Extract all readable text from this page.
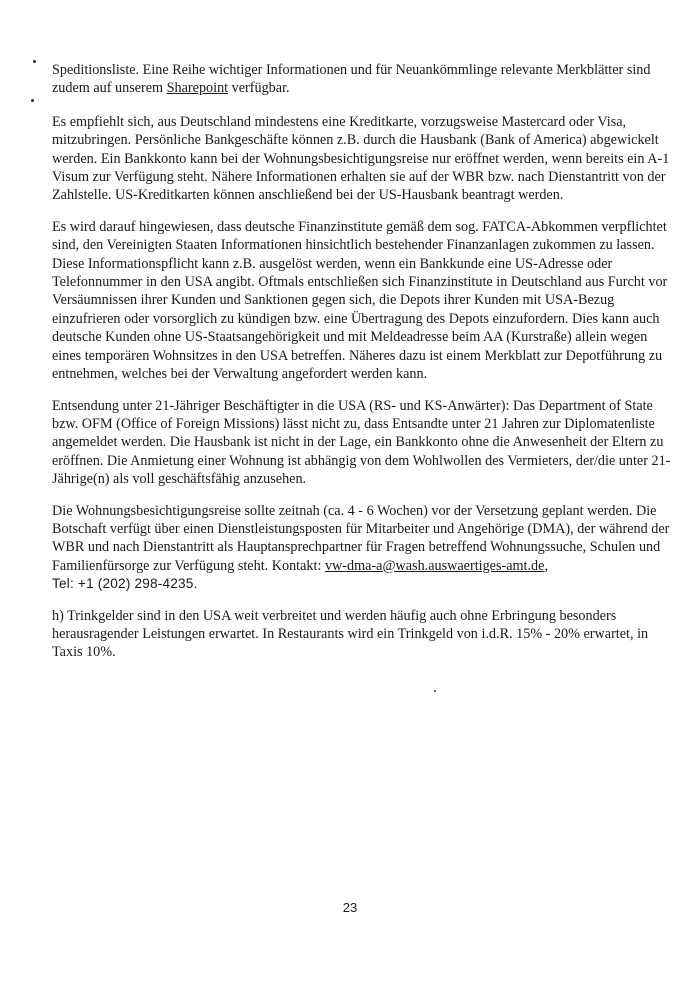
Speditionsliste. Eine Reihe wichtiger Informationen und für Neuankömmlinge relevante Merkblätter sind zudem auf unserem Sharepoint verfügbar.

Es empfiehlt sich, aus Deutschland mindestens eine Kreditkarte, vorzugsweise Mastercard oder Visa, mitzubringen. Persönliche Bankgeschäfte können z.B. durch die Hausbank (Bank of America) abgewickelt werden. Ein Bankkonto kann bei der Wohnungsbesichtigungsreise nur eröffnet werden, wenn bereits ein A-1 Visum zur Verfügung steht. Nähere Informationen erhalten sie auf der WBR bzw. nach Dienstantritt von der Zahlstelle. US-Kreditkarten können anschließend bei der US-Hausbank beantragt werden.

Es wird darauf hingewiesen, dass deutsche Finanzinstitute gemäß dem sog. FATCA-Abkommen verpflichtet sind, den Vereinigten Staaten Informationen hinsichtlich bestehender Finanzanlagen zukommen zu lassen. Diese Informationspflicht kann z.B. ausgelöst werden, wenn ein Bankkunde eine US-Adresse oder Telefonnummer in den USA angibt. Oftmals entschließen sich Finanzinstitute in Deutschland aus Furcht vor Versäumnissen ihrer Kunden und Sanktionen gegen sich, die Depots ihrer Kunden mit USA-Bezug einzufrieren oder vorsorglich zu kündigen bzw. eine Übertragung des Depots einzufordern. Dies kann auch deutsche Kunden ohne US-Staatsangehörigkeit und mit Meldeadresse beim AA (Kurstraße) allein wegen eines temporären Wohnsitzes in den USA betreffen. Näheres dazu ist einem Merkblatt zur Depotführung zu entnehmen, welches bei der Verwaltung angefordert werden kann.

Entsendung unter 21-Jähriger Beschäftigter in die USA (RS- und KS-Anwärter): Das Department of State bzw. OFM (Office of Foreign Missions) lässt nicht zu, dass Entsandte unter 21 Jahren zur Diplomatenliste angemeldet werden. Die Hausbank ist nicht in der Lage, ein Bankkonto ohne die Anwesenheit der Eltern zu eröffnen. Die Anmietung einer Wohnung ist abhängig von dem Wohlwollen des Vermieters, der/die unter 21-Jährige(n) als voll geschäftsfähig anzusehen.

Die Wohnungsbesichtigungsreise sollte zeitnah (ca. 4 - 6 Wochen) vor der Versetzung geplant werden. Die Botschaft verfügt über einen Dienstleistungsposten für Mitarbeiter und Angehörige (DMA), der während der WBR und nach Dienstantritt als Hauptansprechpartner für Fragen betreffend Wohnungssuche, Schulen und Familienfürsorge zur Verfügung steht. Kontakt: vw-dma-a@wash.auswaertiges-amt.de,
Tel: +1 (202) 298-4235.

h) Trinkgelder sind in den USA weit verbreitet und werden häufig auch ohne Erbringung besonders herausragender Leistungen erwartet. In Restaurants wird ein Trinkgeld von i.d.R. 15% - 20% erwartet, in Taxis 10%.

23
